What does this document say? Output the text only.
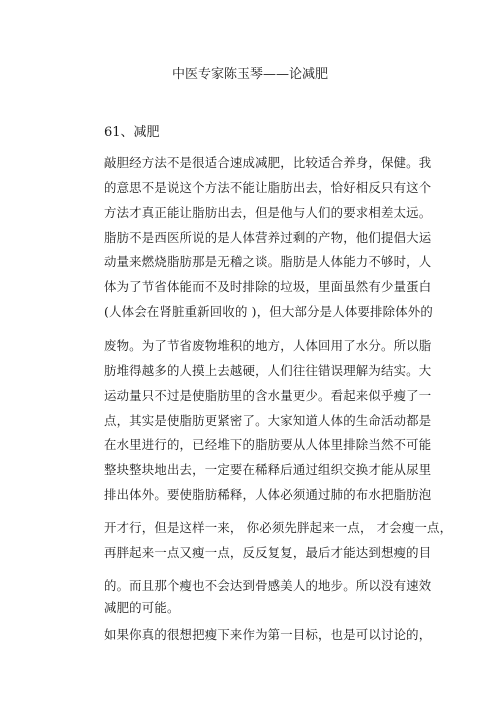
中医专家陈玉琴——论减肥
61、减肥
敲胆经方法不是很适合速成减肥，比较适合养身，保健。我
的意思不是说这个方法不能让脂肪出去，恰好相反只有这个
方法才真正能让脂肪出去，但是他与人们的要求相差太远。
脂肪不是西医所说的是人体营养过剩的产物，他们提倡大运
动量来燃烧脂肪那是无稽之谈。脂肪是人体能力不够时，人
体为了节省体能而不及时排除的垃圾，里面虽然有少量蛋白
(人体会在肾脏重新回收的 )，但大部分是人体要排除体外的
废物。为了节省废物堆积的地方，人体回用了水分。所以脂
肪堆得越多的人摸上去越硬，人们往往错误理解为结实。大
运动量只不过是使脂肪里的含水量更少。看起来似乎瘦了一
点，其实是使脂肪更紧密了。大家知道人体的生命活动都是
在水里进行的，已经堆下的脂肪要从人体里排除当然不可能
整块整块地出去，一定要在稀释后通过组织交换才能从尿里
排出体外。要使脂肪稀释，人体必须通过肺的布水把脂肪泡
开才行，但是这样一来， 你必须先胖起来一点， 才会瘦一点，
再胖起来一点又瘦一点，反反复复，最后才能达到想瘦的目
的。而且那个瘦也不会达到骨感美人的地步。所以没有速效
减肥的可能。
如果你真的很想把瘦下来作为第一目标，也是可以讨论的，
